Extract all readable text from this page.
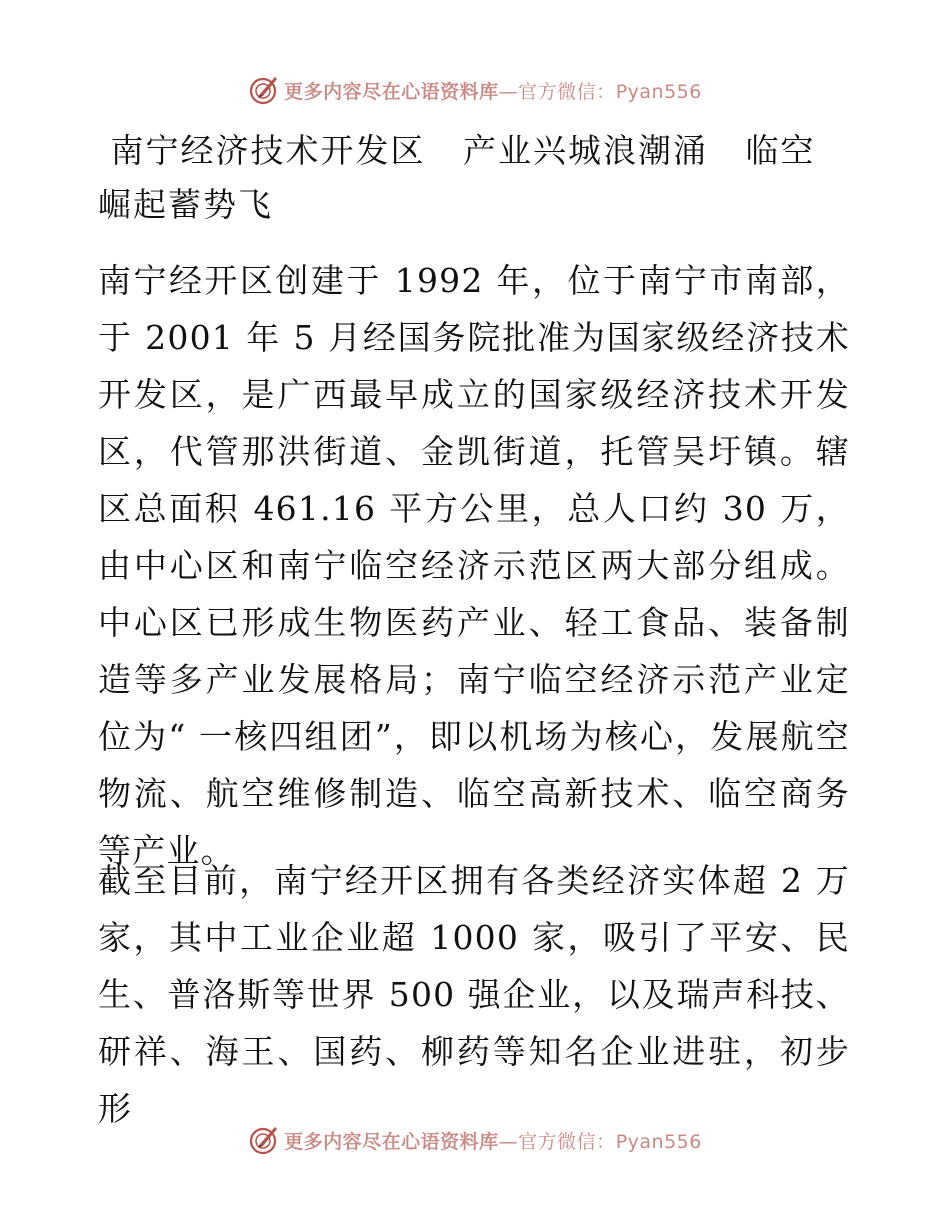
更多内容尽在心语资料库—官方微信：Pyan556
南宁经济技术开发区   产业兴城浪潮涌   临空崛起蓄势飞

南宁经开区创建于 1992 年，位于南宁市南部，于 2001 年 5 月经国务院批准为国家级经济技术开发区，是广西最早成立的国家级经济技术开发区，代管那洪街道、金凯街道，托管吴圩镇。辖区总面积 461.16 平方公里，总人口约 30 万，由中心区和南宁临空经济示范区两大部分组成。中心区已形成生物医药产业、轻工食品、装备制造等多产业发展格局；南宁临空经济示范产业定位为“ 一核四组团”，即以机场为核心，发展航空物流、航空维修制造、临空高新技术、临空商务等产业。

截至目前，南宁经开区拥有各类经济实体超 2 万家，其中工业企业超 1000 家，吸引了平安、民生、普洛斯等世界 500 强企业，以及瑞声科技、研祥、海王、国药、柳药等知名企业进驻，初步形

更多内容尽在心语资料库—官方微信：Pyan556
